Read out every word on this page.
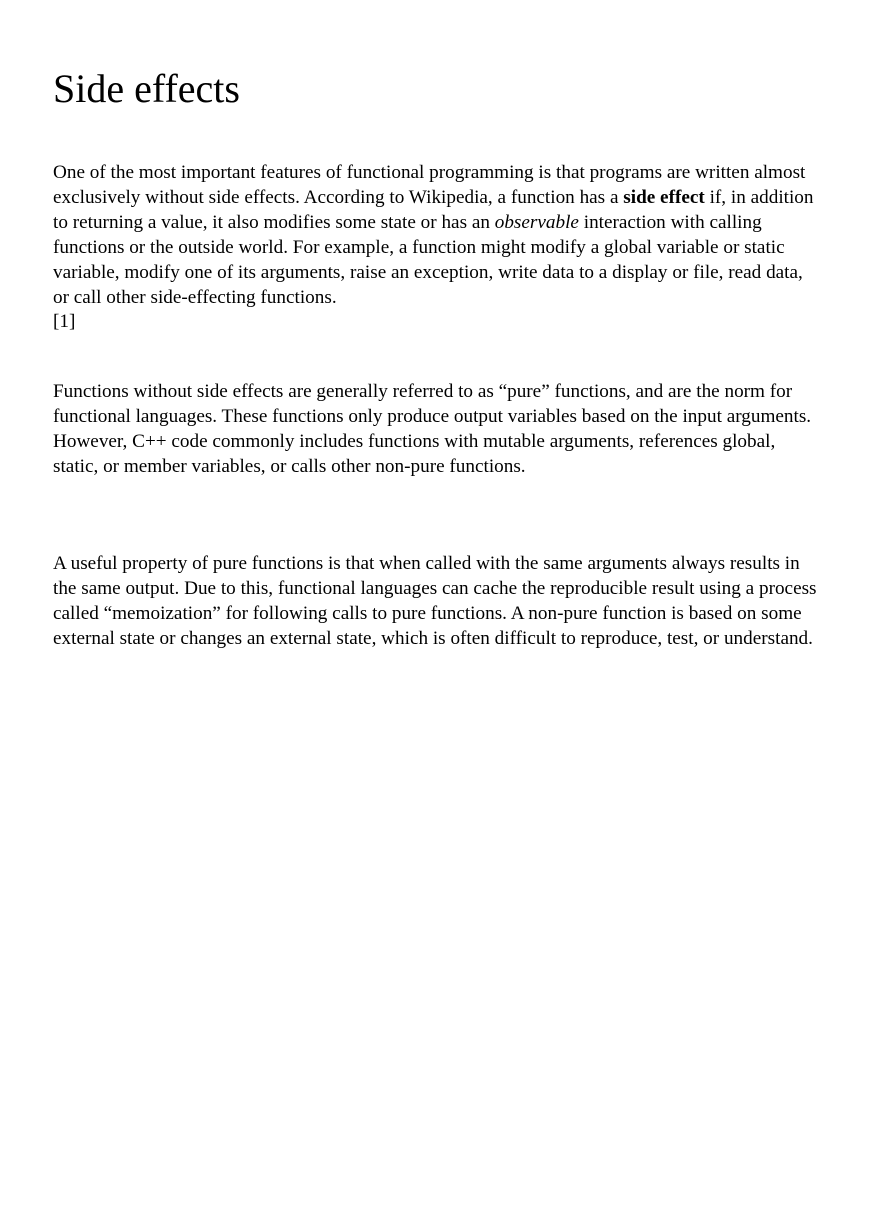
Side effects

One of the most important features of functional programming is that programs are written almost exclusively without side effects. According to Wikipedia, a function has a side effect if, in addition to returning a value, it also modifies some state or has an observable interaction with calling functions or the outside world. For example, a function might modify a global variable or static variable, modify one of its arguments, raise an exception, write data to a display or file, read data, or call other side-effecting functions.
[1]

Functions without side effects are generally referred to as “pure” functions, and are the norm for functional languages. These functions only produce output variables based on the input arguments. However, C++ code commonly includes functions with mutable arguments, references global, static, or member variables, or calls other non-pure functions.

A useful property of pure functions is that when called with the same arguments always results in the same output. Due to this, functional languages can cache the reproducible result using a process called “memoization” for following calls to pure functions. A non-pure function is based on some external state or changes an external state, which is often difficult to reproduce, test, or understand.
